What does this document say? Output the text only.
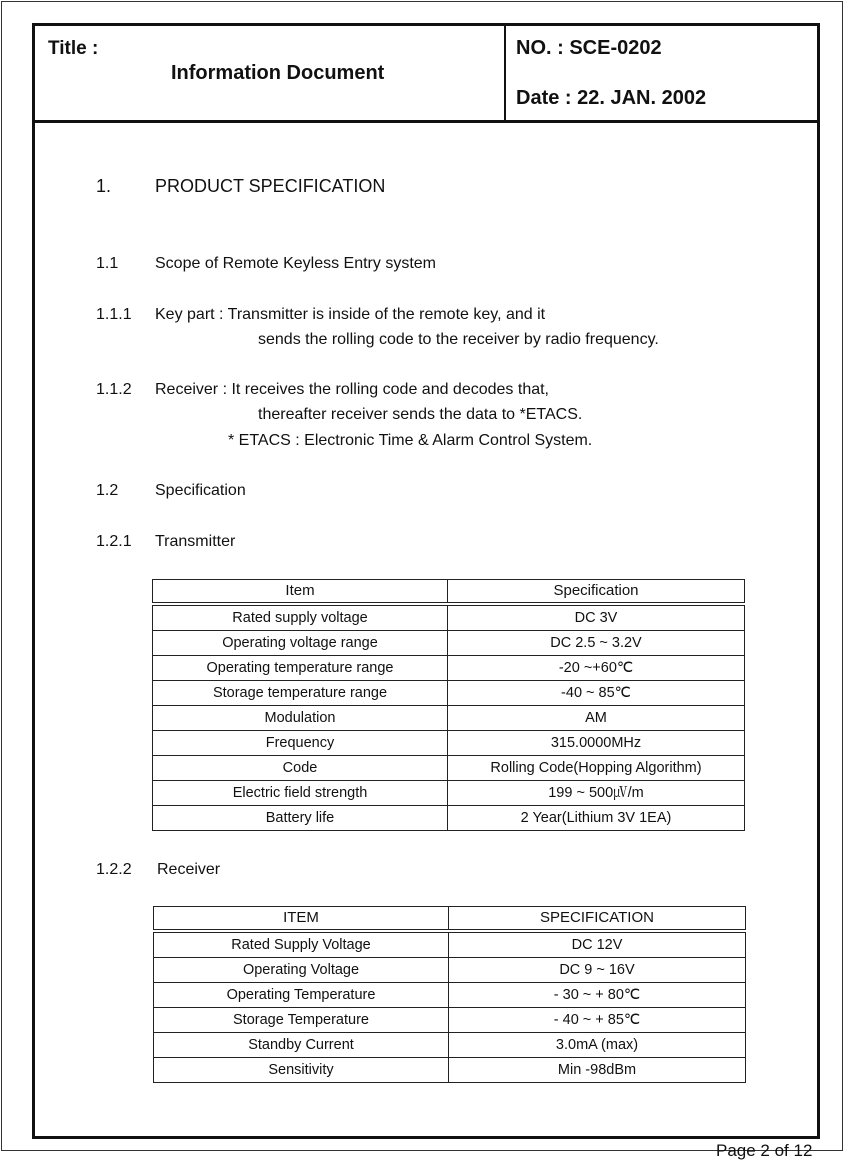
Title :
Information Document
NO. : SCE-0202
Date : 22. JAN. 2002
1. PRODUCT SPECIFICATION
1.1 Scope of Remote Keyless Entry system
1.1.1 Key part : Transmitter is inside of the remote key, and it
sends the rolling code to the receiver by radio frequency.
1.1.2 Receiver : It receives the rolling code and decodes that,
thereafter receiver sends the data to *ETACS.
* ETACS : Electronic Time & Alarm Control System.
1.2 Specification
1.2.1 Transmitter
Item	Specification
Rated supply voltage	DC 3V
Operating voltage range	DC 2.5 ~ 3.2V
Operating temperature range	-20 ~+60℃
Storage temperature range	-40 ~ 85℃
Modulation	AM
Frequency	315.0000MHz
Code	Rolling Code(Hopping Algorithm)
Electric field strength	199 ~ 500㎶/m
Battery life	2 Year(Lithium 3V 1EA)
1.2.2 Receiver
ITEM	SPECIFICATION
Rated Supply Voltage	DC 12V
Operating Voltage	DC 9 ~ 16V
Operating Temperature	- 30 ~ + 80℃
Storage Temperature	- 40 ~ + 85℃
Standby Current	3.0mA (max)
Sensitivity	Min -98dBm
Page 2 of 12
